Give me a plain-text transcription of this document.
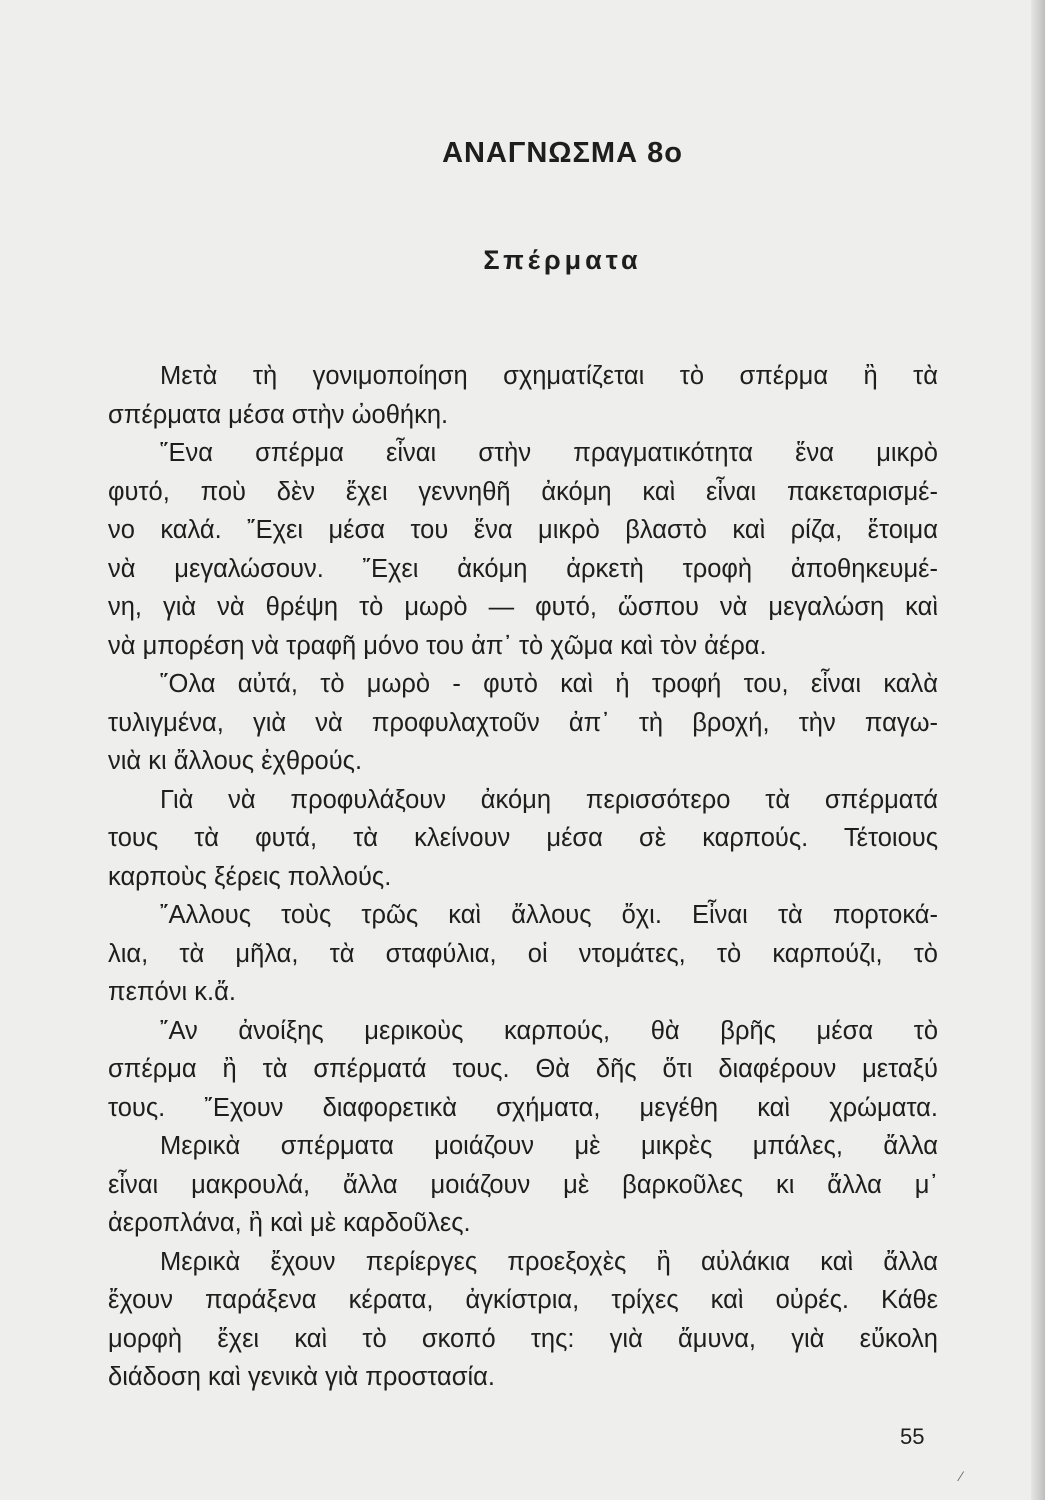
ΑΝΑΓΝΩΣΜΑ 8ο
Σπέρματα
Μετὰ τὴ γονιμοποίηση σχηματίζεται τὸ σπέρμα ἢ τὰ
σπέρματα μέσα στὴν ὠοθήκη.
῞Ενα σπέρμα εἶναι στὴν πραγματικότητα ἕνα μικρὸ
φυτό, ποὺ δὲν ἔχει γεννηθῆ ἀκόμη καὶ εἶναι πακεταρισμέ-
νο καλά. ῎Εχει μέσα του ἕνα μικρὸ βλαστὸ καὶ ρίζα, ἕτοιμα
νὰ μεγαλώσουν. ῎Εχει ἀκόμη ἀρκετὴ τροφὴ ἀποθηκευμέ-
νη, γιὰ νὰ θρέψη τὸ μωρὸ — φυτό, ὥσπου νὰ μεγαλώση καὶ
νὰ μπορέση νὰ τραφῆ μόνο του ἀπ᾿ τὸ χῶμα καὶ τὸν ἀέρα.
῞Ολα αὐτά, τὸ μωρὸ - φυτὸ καὶ ἡ τροφή του, εἶναι καλὰ
τυλιγμένα, γιὰ νὰ προφυλαχτοῦν ἀπ᾿ τὴ βροχή, τὴν παγω-
νιὰ κι ἄλλους ἐχθρούς.
Γιὰ νὰ προφυλάξουν ἀκόμη περισσότερο τὰ σπέρματά
τους τὰ φυτά, τὰ κλείνουν μέσα σὲ καρπούς. Τέτοιους
καρποὺς ξέρεις πολλούς.
῎Αλλους τοὺς τρῶς καὶ ἄλλους ὄχι. Εἶναι τὰ πορτοκά-
λια, τὰ μῆλα, τὰ σταφύλια, οἱ ντομάτες, τὸ καρπούζι, τὸ
πεπόνι κ.ἄ.
῎Αν ἀνοίξης μερικοὺς καρπούς, θὰ βρῆς μέσα τὸ
σπέρμα ἢ τὰ σπέρματά τους. Θὰ δῆς ὅτι διαφέρουν μεταξύ
τους. ῎Εχουν διαφορετικὰ σχήματα, μεγέθη καὶ χρώματα.
Μερικὰ σπέρματα μοιάζουν μὲ μικρὲς μπάλες, ἄλλα
εἶναι μακρουλά, ἄλλα μοιάζουν μὲ βαρκοῦλες κι ἄλλα μ᾿
ἀεροπλάνα, ἢ καὶ μὲ καρδοῦλες.
Μερικὰ ἔχουν περίεργες προεξοχὲς ἢ αὐλάκια καὶ ἄλλα
ἔχουν παράξενα κέρατα, ἀγκίστρια, τρίχες καὶ οὐρές. Κάθε
μορφὴ ἔχει καὶ τὸ σκοπό της: γιὰ ἄμυνα, γιὰ εὔκολη
διάδοση καὶ γενικὰ γιὰ προστασία.
55
⁄
